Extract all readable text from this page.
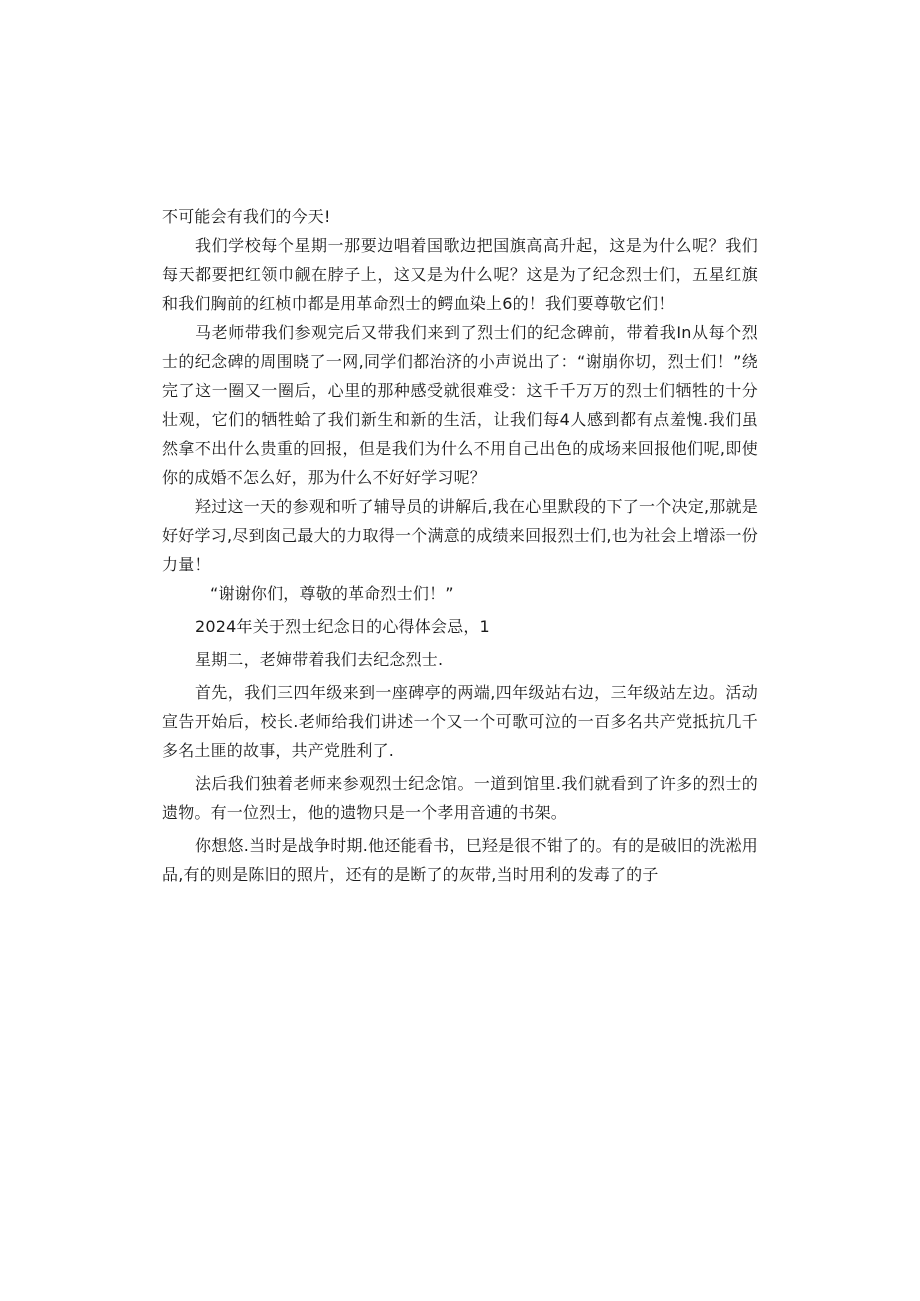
不可能会有我们的今天!

我们学校每个星期一那要边唱着国歌边把国旗高高升起，这是为什么呢？我们每天都要把红领巾觎在脖子上，这又是为什么呢？这是为了纪念烈士们，五星红旗和我们胸前的红桢巾都是用革命烈士的鳄血染上6的！我们要尊敬它们！

马老师带我们参观完后又带我们来到了烈士们的纪念碑前，带着我In从每个烈士的纪念碑的周围晓了一网,同学们都治济的小声说出了：“谢崩你切，烈士们！”绕完了这一圈又一圈后，心里的那种感受就很难受：这千千万万的烈士们牺牲的十分壮观，它们的牺牲蛤了我们新生和新的生活，让我们每4人感到都有点羞愧.我们虽然拿不出什么贵重的回报，但是我们为什么不用自己出色的成场来回报他们呢,即使你的成婚不怎么好，那为什么不好好学习呢？

羟过这一天的参观和听了辅导员的讲解后,我在心里默段的下了一个决定,那就是好好学习,尽到囱己最大的力取得一个满意的成绩来回报烈士们,也为社会上增添一份力量！

“谢谢你们，尊敬的革命烈士们！”

2024年关于烈士纪念日的心得体会忌，1

星期二，老婶带着我们去纪念烈士.

首先，我们三四年级来到一座碑亭的两端,四年级站右边，三年级站左边。活动宣告开始后，校长.老师给我们讲述一个又一个可歌可泣的一百多名共产党抵抗几千多名土匪的故事，共产党胜利了.

法后我们独着老师来参观烈士纪念馆。一道到馆里.我们就看到了许多的烈士的遗物。有一位烈士，他的遗物只是一个孝用音逋的书架。

你想悠.当时是战争时期.他还能看书，巳羟是很不钳了的。有的是破旧的洗淞用品,有的则是陈旧的照片，还有的是断了的灰带,当时用利的发毒了的子
